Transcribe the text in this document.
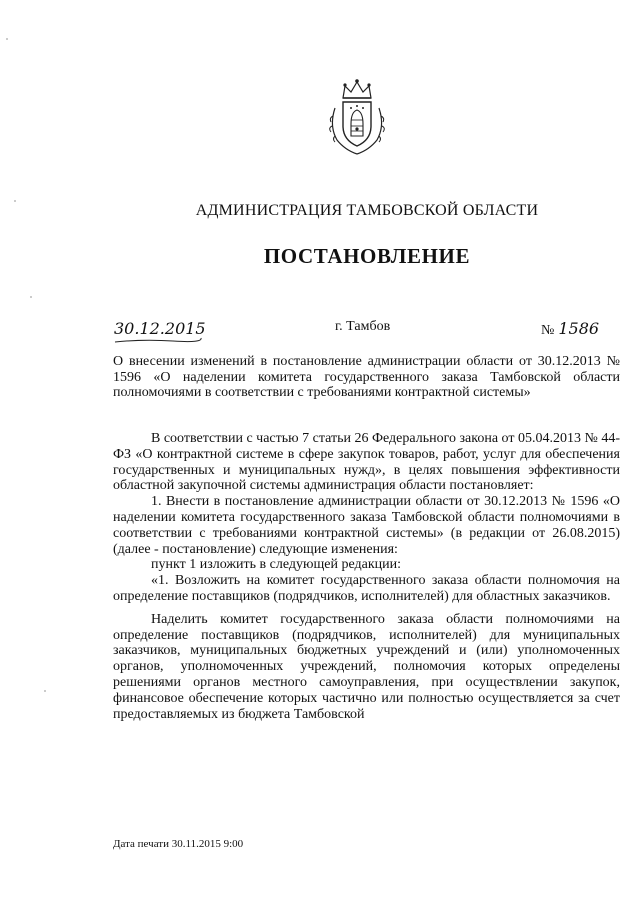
АДМИНИСТРАЦИЯ ТАМБОВСКОЙ ОБЛАСТИ
ПОСТАНОВЛЕНИЕ
30.12.2015	г. Тамбов	№ 1586
О внесении изменений в постановление администрации области от 30.12.2013 № 1596 «О наделении комитета государственного заказа Тамбовской области полномочиями в соответствии с требованиями контрактной системы»

В соответствии с частью 7 статьи 26 Федерального закона от 05.04.2013 № 44-ФЗ «О контрактной системе в сфере закупок товаров, работ, услуг для обеспечения государственных и муниципальных нужд», в целях повышения эффективности областной закупочной системы администрация области постановляет:

1. Внести в постановление администрации области от 30.12.2013 № 1596 «О наделении комитета государственного заказа Тамбовской области полномочиями в соответствии с требованиями контрактной системы» (в редакции от 26.08.2015) (далее - постановление) следующие изменения:

пункт 1 изложить в следующей редакции:

«1. Возложить на комитет государственного заказа области полномочия на определение поставщиков (подрядчиков, исполнителей) для областных заказчиков.

Наделить комитет государственного заказа области полномочиями на определение поставщиков (подрядчиков, исполнителей) для муниципальных заказчиков, муниципальных бюджетных учреждений и (или) уполномоченных органов, уполномоченных учреждений, полномочия которых определены решениями органов местного самоуправления, при осуществлении закупок, финансовое обеспечение которых частично или полностью осуществляется за счет предоставляемых из бюджета Тамбовской

Дата печати 30.11.2015 9:00
